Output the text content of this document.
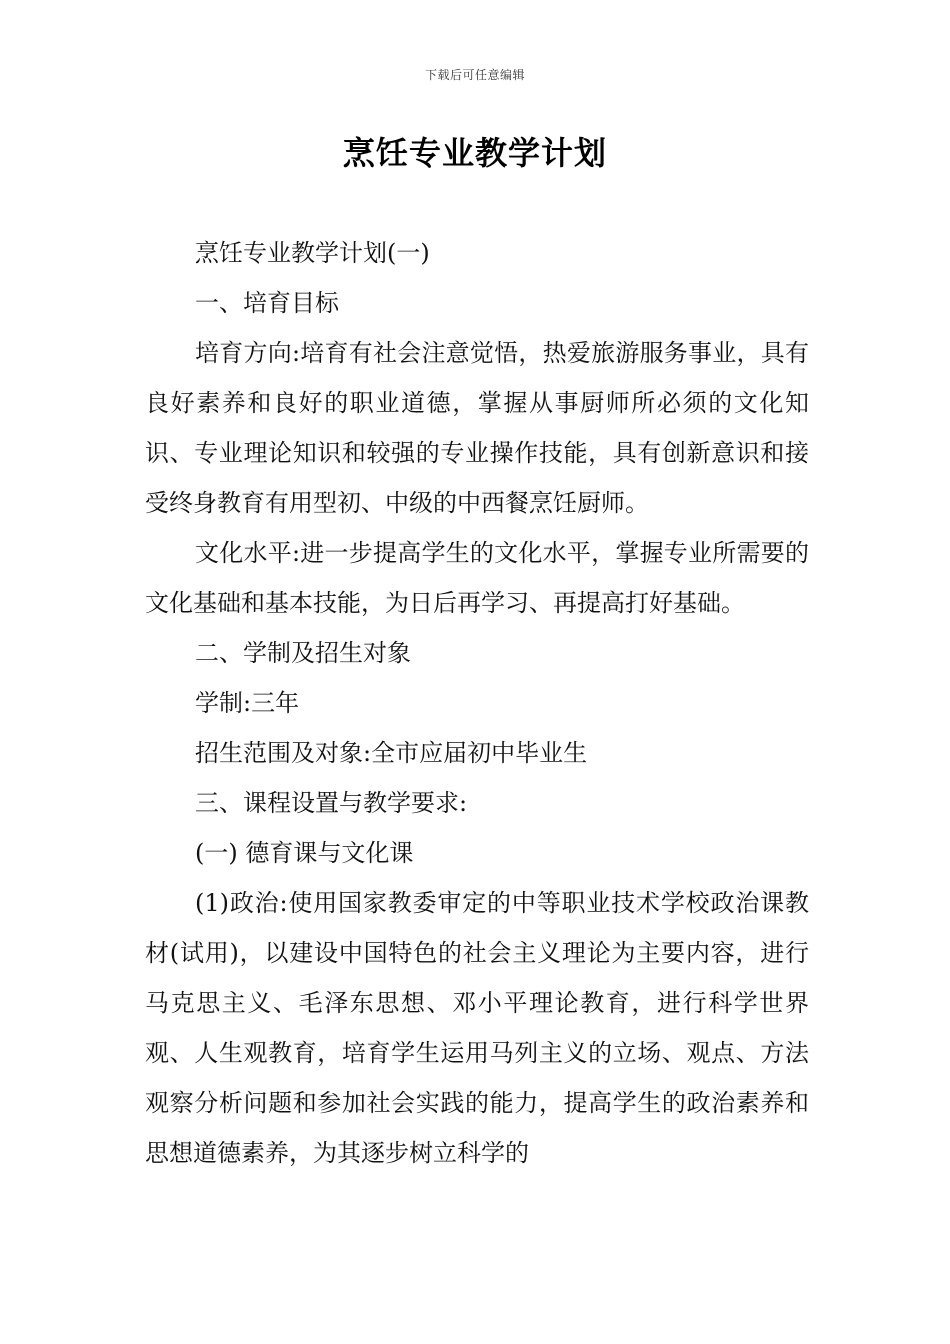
下载后可任意编辑
烹饪专业教学计划

烹饪专业教学计划(一)

一、培育目标

培育方向:培育有社会注意觉悟，热爱旅游服务事业，具有良好素养和良好的职业道德，掌握从事厨师所必须的文化知识、专业理论知识和较强的专业操作技能，具有创新意识和接受终身教育有用型初、中级的中西餐烹饪厨师。

文化水平:进一步提高学生的文化水平，掌握专业所需要的文化基础和基本技能，为日后再学习、再提高打好基础。

二、学制及招生对象

学制:三年

招生范围及对象:全市应届初中毕业生

三、课程设置与教学要求:

(一) 德育课与文化课

(1)政治:使用国家教委审定的中等职业技术学校政治课教材(试用)，以建设中国特色的社会主义理论为主要内容，进行马克思主义、毛泽东思想、邓小平理论教育，进行科学世界观、人生观教育，培育学生运用马列主义的立场、观点、方法观察分析问题和参加社会实践的能力，提高学生的政治素养和思想道德素养，为其逐步树立科学的
